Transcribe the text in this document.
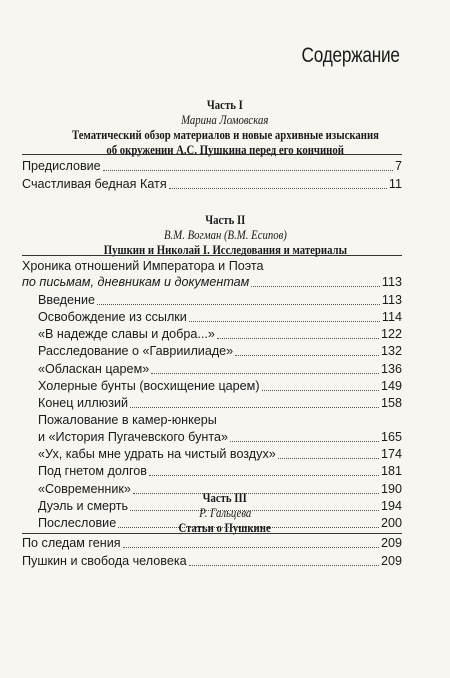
Содержание
Часть I
Марина Ломовская
Тематический обзор материалов и новые архивные изыскания
об окружении А.С. Пушкина перед его кончиной
Предисловие	7
Счастливая бедная Катя	11
Часть II
В.М. Вогман (В.М. Есипов)
Пушкин и Николай I. Исследования и материалы
Хроника отношений Императора и Поэта
по письмам, дневникам и документам	113
Введение	113
Освобождение из ссылки	114
«В надежде славы и добра...»	122
Расследование о «Гавриилиаде»	132
«Обласкан царем»	136
Холерные бунты (восхищение царем)	149
Конец иллюзий	158
Пожалование в камер-юнкеры
и «История Пугачевского бунта»	165
«Ух, кабы мне удрать на чистый воздух»	174
Под гнетом долгов	181
«Современник»	190
Дуэль и смерть	194
Послесловие	200
Часть III
Р. Гальцева
Статьи о Пушкине
По следам гения	209
Пушкин и свобода человека	209
